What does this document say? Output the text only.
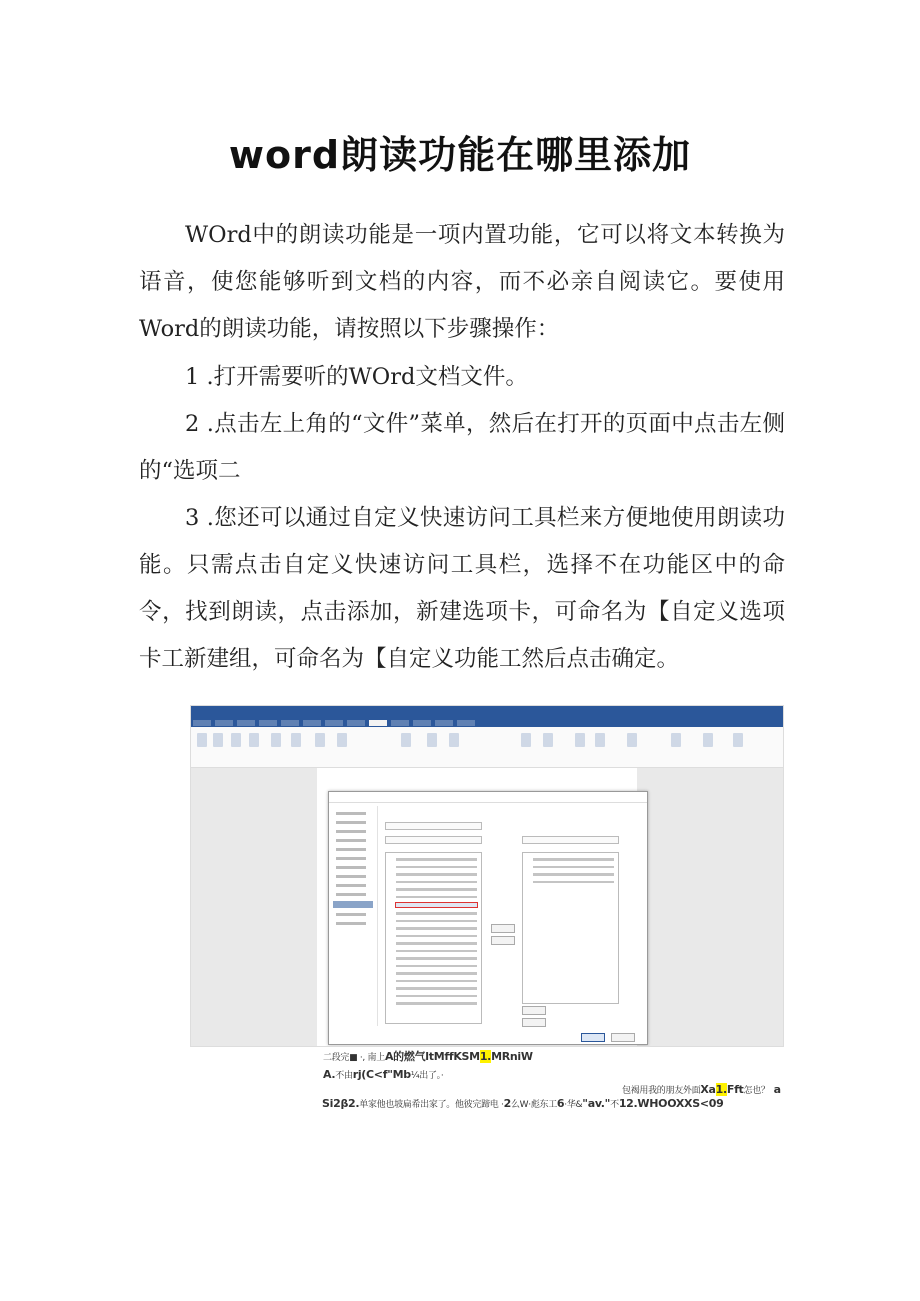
word朗读功能在哪里添加

WOrd中的朗读功能是一项内置功能，它可以将文本转换为语音，使您能够听到文档的内容，而不必亲自阅读它。要使用Word的朗读功能，请按照以下步骤操作：

1 .打开需要听的WOrd文档文件。

2 .点击左上角的“文件”菜单，然后在打开的页面中点击左侧的“选项二

3 .您还可以通过自定义快速访问工具栏来方便地使用朗读功能。只需点击自定义快速访问工具栏，选择不在功能区中的命令，找到朗读，点击添加，新建选项卡，可命名为【自定义选项卡工新建组，可命名为【自定义功能工然后点击确定。

二段完■ ·, 南上A的燃气ltMffKSM1.MRniW
A.不由rj(C<f"Mb¼出了。·
包褐用我的朋友外面Xa1.Fft怎也？ a
Si2β2.单家他也坡扁希出家了。他彼完蹄电 ·2么W·彪东工6·华&"av."不12.WHOOXXS<09
